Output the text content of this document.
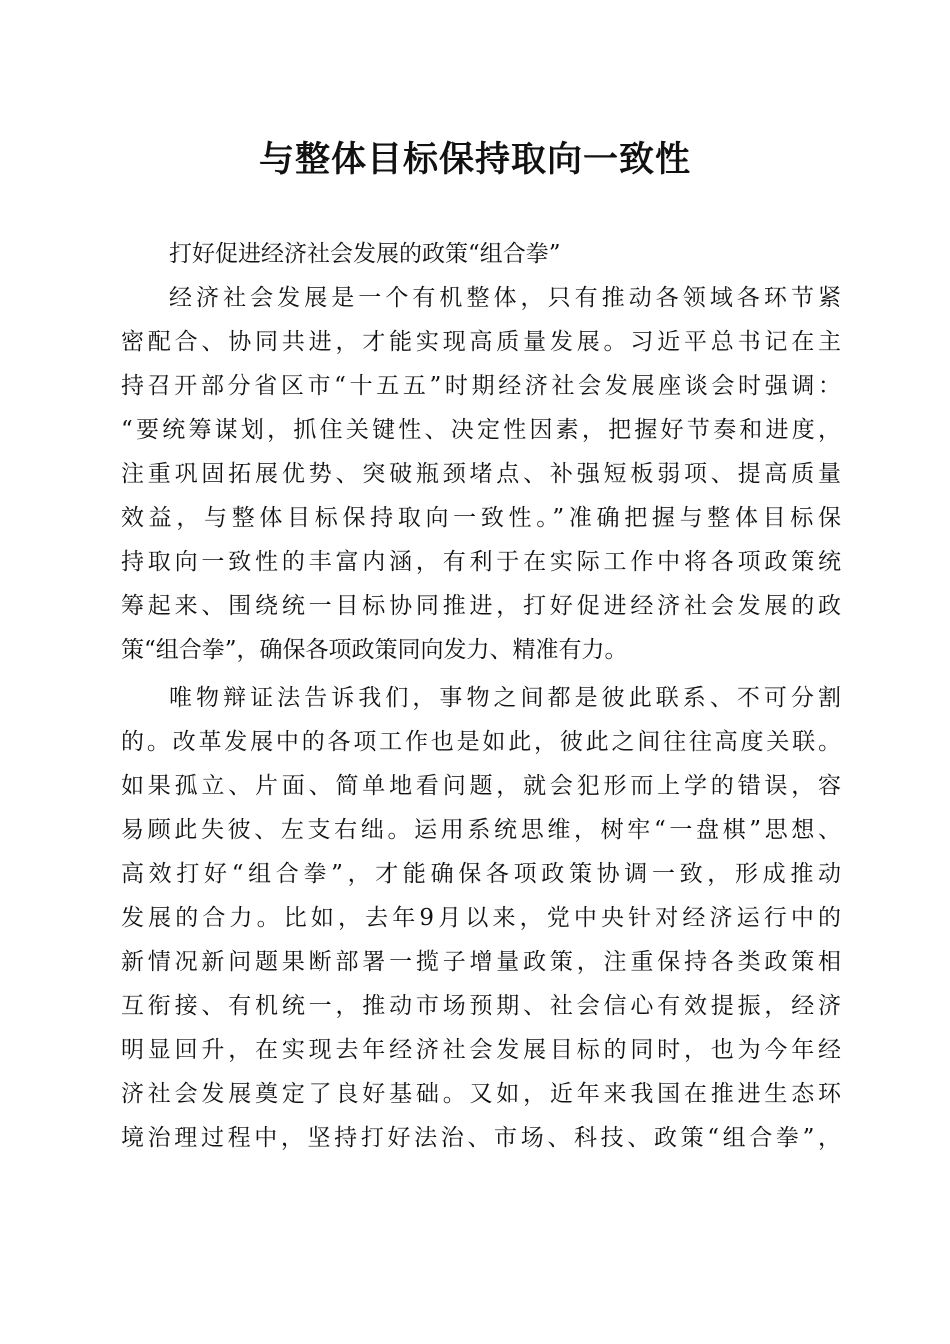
与整体目标保持取向一致性

打好促进经济社会发展的政策“组合拳”

经济社会发展是一个有机整体，只有推动各领域各环节紧

密配合、协同共进，才能实现高质量发展。习近平总书记在主

持召开部分省区市“十五五”时期经济社会发展座谈会时强调：

“要统筹谋划，抓住关键性、决定性因素，把握好节奏和进度，

注重巩固拓展优势、突破瓶颈堵点、补强短板弱项、提高质量

效益，与整体目标保持取向一致性。”准确把握与整体目标保

持取向一致性的丰富内涵，有利于在实际工作中将各项政策统

筹起来、围绕统一目标协同推进，打好促进经济社会发展的政

策“组合拳”，确保各项政策同向发力、精准有力。

唯物辩证法告诉我们，事物之间都是彼此联系、不可分割

的。改革发展中的各项工作也是如此，彼此之间往往高度关联。

如果孤立、片面、简单地看问题，就会犯形而上学的错误，容

易顾此失彼、左支右绌。运用系统思维，树牢“一盘棋”思想、

高效打好“组合拳”，才能确保各项政策协调一致，形成推动

发展的合力。比如，去年9月以来，党中央针对经济运行中的

新情况新问题果断部署一揽子增量政策，注重保持各类政策相

互衔接、有机统一，推动市场预期、社会信心有效提振，经济

明显回升，在实现去年经济社会发展目标的同时，也为今年经

济社会发展奠定了良好基础。又如，近年来我国在推进生态环

境治理过程中，坚持打好法治、市场、科技、政策“组合拳”，
